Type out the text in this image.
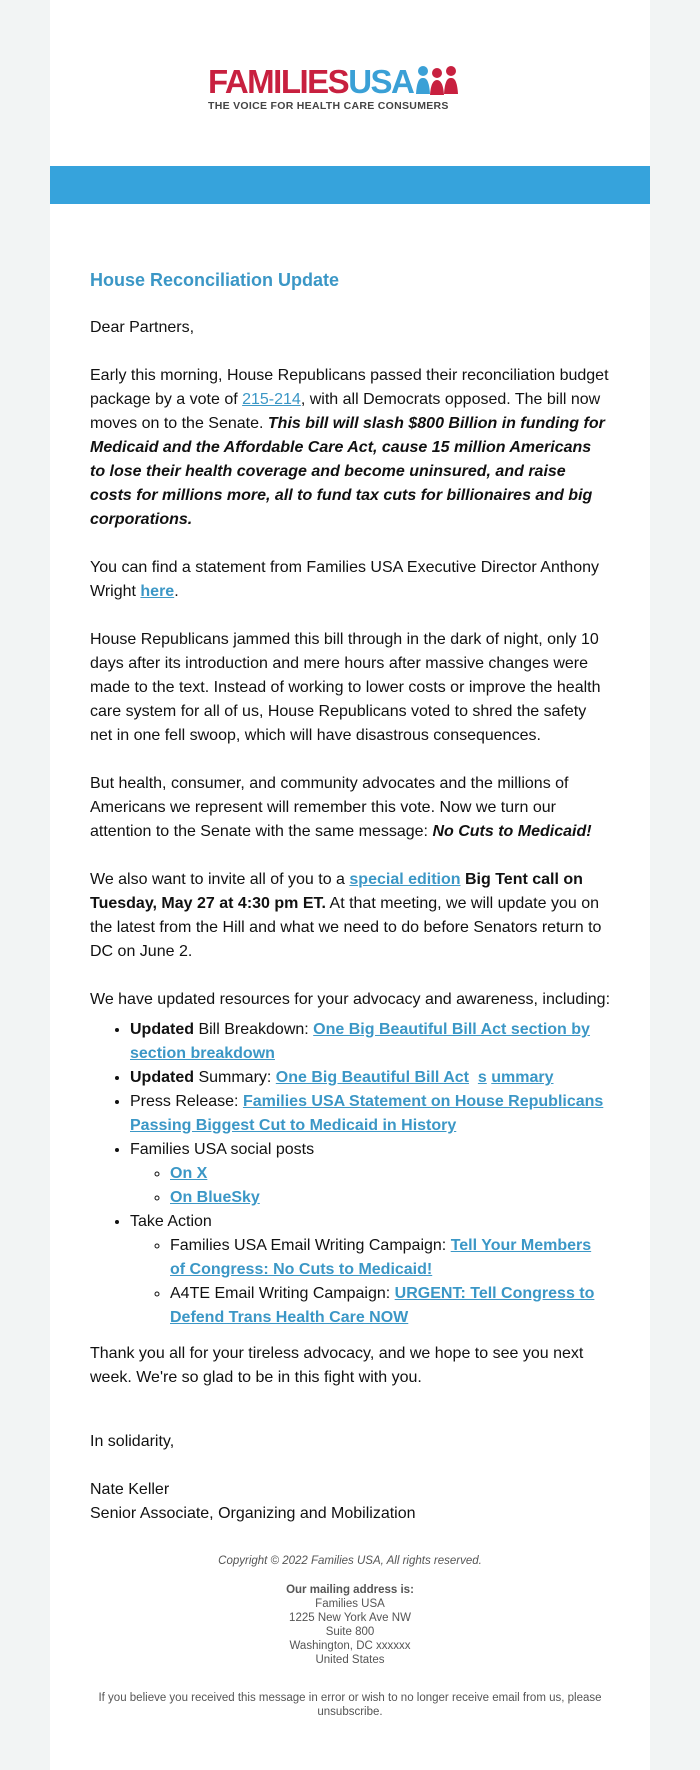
FAMILIESUSA
THE VOICE FOR HEALTH CARE CONSUMERS
House Reconciliation Update

Dear Partners,

Early this morning, House Republicans passed their reconciliation budget package by a vote of 215-214, with all Democrats opposed. The bill now moves on to the Senate. This bill will slash $800 Billion in funding for Medicaid and the Affordable Care Act, cause 15 million Americans to lose their health coverage and become uninsured, and raise costs for millions more, all to fund tax cuts for billionaires and big corporations.

You can find a statement from Families USA Executive Director Anthony Wright here.

House Republicans jammed this bill through in the dark of night, only 10 days after its introduction and mere hours after massive changes were made to the text. Instead of working to lower costs or improve the health care system for all of us, House Republicans voted to shred the safety net in one fell swoop, which will have disastrous consequences.

But health, consumer, and community advocates and the millions of Americans we represent will remember this vote. Now we turn our attention to the Senate with the same message: No Cuts to Medicaid!

We also want to invite all of you to a special edition Big Tent call on Tuesday, May 27 at 4:30 pm ET. At that meeting, we will update you on the latest from the Hill and what we need to do before Senators return to DC on June 2.

We have updated resources for your advocacy and awareness, including:

• Updated Bill Breakdown: One Big Beautiful Bill Act section by section breakdown
• Updated Summary: One Big Beautiful Bill Act s ummary
• Press Release: Families USA Statement on House Republicans Passing Biggest Cut to Medicaid in History
• Families USA social posts
◦ On X
◦ On BlueSky
• Take Action
◦ Families USA Email Writing Campaign: Tell Your Members of Congress: No Cuts to Medicaid!
◦ A4TE Email Writing Campaign: URGENT: Tell Congress to Defend Trans Health Care NOW

Thank you all for your tireless advocacy, and we hope to see you next week. We're so glad to be in this fight with you.

In solidarity,

Nate Keller
Senior Associate, Organizing and Mobilization
Copyright © 2022 Families USA, All rights reserved.
Our mailing address is:
Families USA
1225 New York Ave NW
Suite 800
Washington, DC xxxxxx
United States
If you believe you received this message in error or wish to no longer receive email from us, please unsubscribe.
